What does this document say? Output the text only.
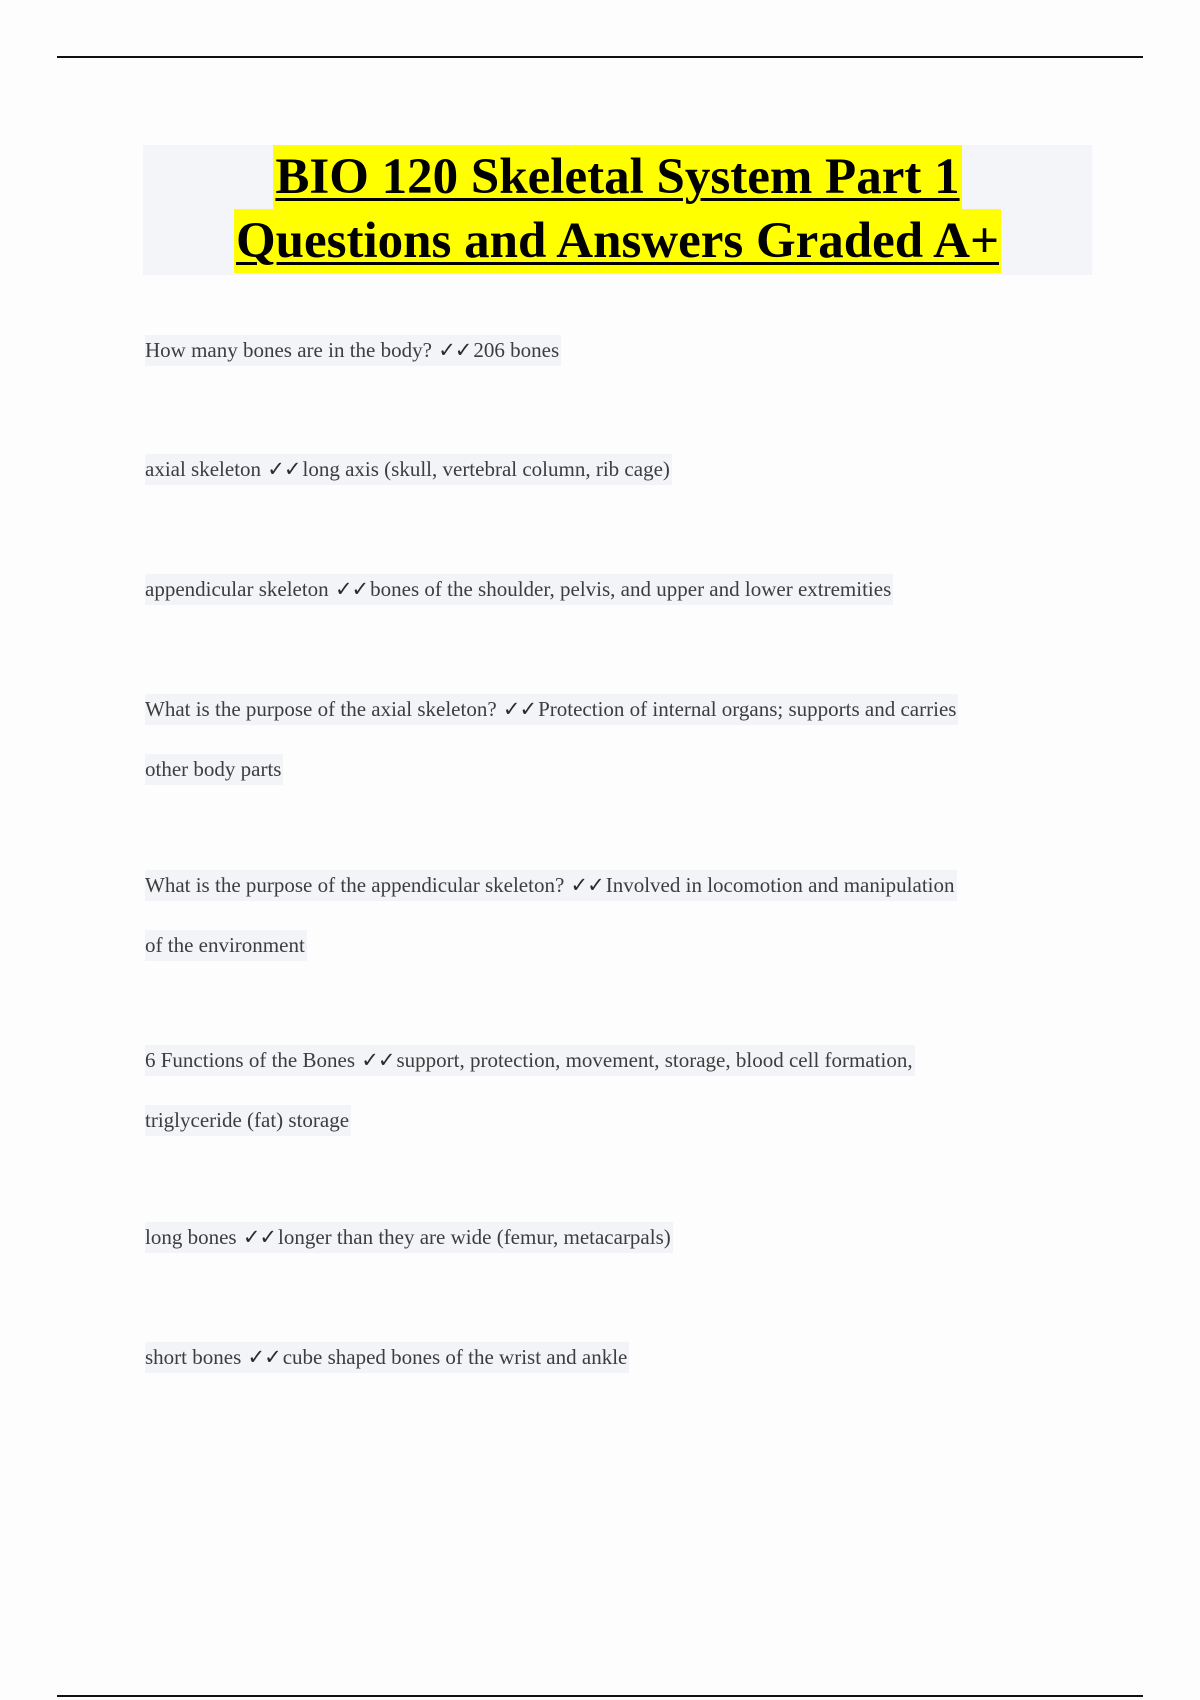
BIO 120 Skeletal System Part 1
Questions and Answers Graded A+
How many bones are in the body? ✓✓206 bones
axial skeleton ✓✓long axis (skull, vertebral column, rib cage)
appendicular skeleton ✓✓bones of the shoulder, pelvis, and upper and lower extremities
What is the purpose of the axial skeleton? ✓✓Protection of internal organs; supports and carries
other body parts
What is the purpose of the appendicular skeleton? ✓✓Involved in locomotion and manipulation
of the environment
6 Functions of the Bones ✓✓support, protection, movement, storage, blood cell formation,
triglyceride (fat) storage
long bones ✓✓longer than they are wide (femur, metacarpals)
short bones ✓✓cube shaped bones of the wrist and ankle
